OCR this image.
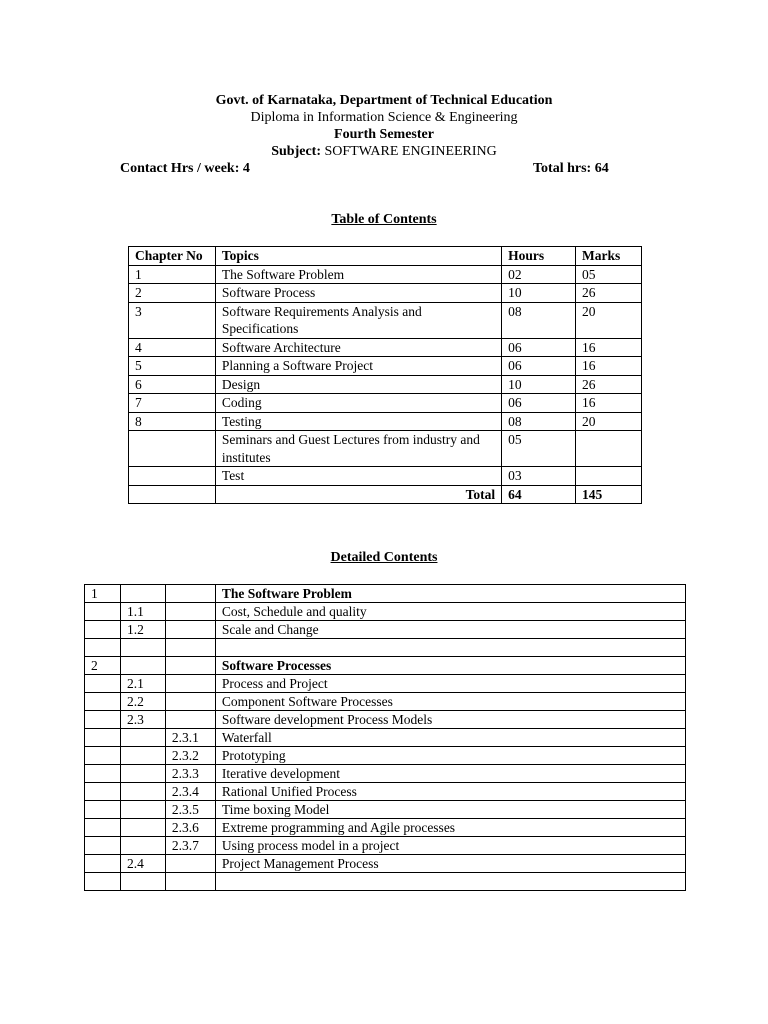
Govt. of Karnataka, Department of Technical Education
Diploma in Information Science & Engineering
Fourth Semester
Subject: SOFTWARE ENGINEERING
Contact Hrs / week: 4	Total hrs: 64
Table of Contents
Chapter No	Topics	Hours	Marks
1	The Software Problem	02	05
2	Software Process	10	26
3	Software Requirements Analysis and Specifications	08	20
4	Software Architecture	06	16
5	Planning a Software Project	06	16
6	Design	10	26
7	Coding	06	16
8	Testing	08	20
	Seminars and Guest Lectures from industry and institutes	05	
	Test	03	
	Total	64	145
Detailed Contents
1			The Software Problem
	1.1		Cost, Schedule and quality
	1.2		Scale and Change

2			Software Processes
	2.1		Process and Project
	2.2		Component Software Processes
	2.3		Software development Process Models
		2.3.1	Waterfall
		2.3.2	Prototyping
		2.3.3	Iterative development
		2.3.4	Rational Unified Process
		2.3.5	Time boxing Model
		2.3.6	Extreme programming and Agile processes
		2.3.7	Using process model in a project
	2.4		Project Management Process
